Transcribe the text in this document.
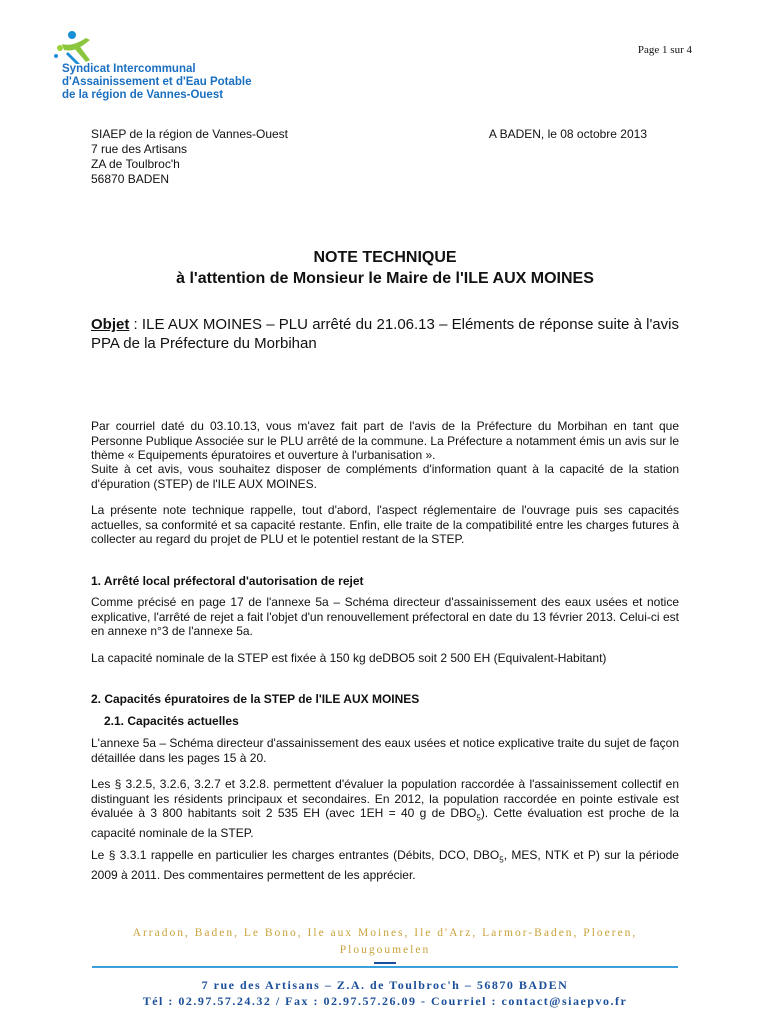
Syndicat Intercommunal
d'Assainissement et d'Eau Potable
de la région de Vannes-Ouest
Page 1 sur 4
SIAEP de la région de Vannes-Ouest
7 rue des Artisans
ZA de Toulbroc'h
56870 BADEN
A BADEN, le 08 octobre 2013
NOTE TECHNIQUE
à l'attention de Monsieur le Maire de l'ILE AUX MOINES
Objet : ILE AUX MOINES – PLU arrêté du 21.06.13 – Eléments de réponse suite à l'avis PPA de la Préfecture du Morbihan
Par courriel daté du 03.10.13, vous m'avez fait part de l'avis de la Préfecture du Morbihan en tant que Personne Publique Associée sur le PLU arrêté de la commune. La Préfecture a notamment émis un avis sur le thème « Equipements épuratoires et ouverture à l'urbanisation ».
Suite à cet avis, vous souhaitez disposer de compléments d'information quant à la capacité de la station d'épuration (STEP) de l'ILE AUX MOINES.
La présente note technique rappelle, tout d'abord, l'aspect réglementaire de l'ouvrage puis ses capacités actuelles, sa conformité et sa capacité restante. Enfin, elle traite de la compatibilité entre les charges futures à collecter au regard du projet de PLU et le potentiel restant de la STEP.
1. Arrêté local préfectoral d'autorisation de rejet
Comme précisé en page 17 de l'annexe 5a – Schéma directeur d'assainissement des eaux usées et notice explicative, l'arrêté de rejet a fait l'objet d'un renouvellement préfectoral en date du 13 février 2013. Celui-ci est en annexe n°3 de l'annexe 5a.
La capacité nominale de la STEP est fixée à 150 kg deDBO5 soit 2 500 EH (Equivalent-Habitant)
2. Capacités épuratoires de la STEP de l'ILE AUX MOINES
2.1. Capacités actuelles
L'annexe 5a – Schéma directeur d'assainissement des eaux usées et notice explicative traite du sujet de façon détaillée dans les pages 15 à 20.
Les § 3.2.5, 3.2.6, 3.2.7 et 3.2.8. permettent d'évaluer la population raccordée à l'assainissement collectif en distinguant les résidents principaux et secondaires. En 2012, la population raccordée en pointe estivale est évaluée à 3 800 habitants soit 2 535 EH (avec 1EH = 40 g de $DBO_5$). Cette évaluation est proche de la capacité nominale de la STEP.
Le § 3.3.1 rappelle en particulier les charges entrantes (Débits, DCO, $DBO_5$, MES, NTK et P) sur la période 2009 à 2011. Des commentaires permettent de les apprécier.
Arradon, Baden, Le Bono, Ile aux Moines, Ile d'Arz, Larmor-Baden, Ploeren, Plougoumelen
7 rue des Artisans – Z.A. de Toulbroc'h – 56870 BADEN
Tél : 02.97.57.24.32 / Fax : 02.97.57.26.09 - Courriel : contact@siaepvo.fr
